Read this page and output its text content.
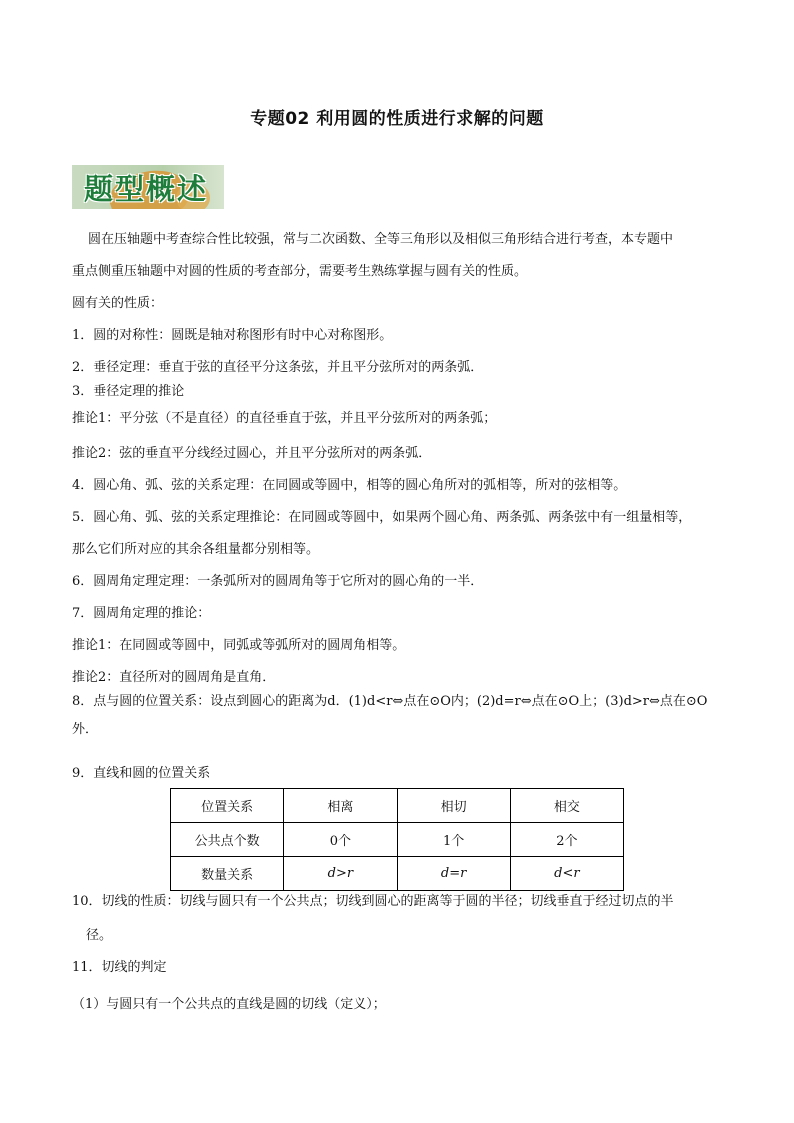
专题02 利用圆的性质进行求解的问题
题型概述
圆在压轴题中考查综合性比较强，常与二次函数、全等三角形以及相似三角形结合进行考查，本专题中
重点侧重压轴题中对圆的性质的考查部分，需要考生熟练掌握与圆有关的性质。
圆有关的性质：
1．圆的对称性：圆既是轴对称图形有时中心对称图形。
2．垂径定理：垂直于弦的直径平分这条弦，并且平分弦所对的两条弧．
3．垂径定理的推论
推论1：平分弦（不是直径）的直径垂直于弦，并且平分弦所对的两条弧；
推论2：弦的垂直平分线经过圆心，并且平分弦所对的两条弧．
4．圆心角、弧、弦的关系定理：在同圆或等圆中，相等的圆心角所对的弧相等，所对的弦相等。
5．圆心角、弧、弦的关系定理推论：在同圆或等圆中，如果两个圆心角、两条弧、两条弦中有一组量相等，
那么它们所对应的其余各组量都分别相等。
6．圆周角定理定理：一条弧所对的圆周角等于它所对的圆心角的一半．
7．圆周角定理的推论：
推论1：在同圆或等圆中，同弧或等弧所对的圆周角相等。
推论2：直径所对的圆周角是直角．
8．点与圆的位置关系：设点到圆心的距离为d．(1)d<r⇔点在⊙O内；(2)d=r⇔点在⊙O上；(3)d>r⇔点在⊙O
外．
9．直线和圆的位置关系
位置关系	相离	相切	相交
公共点个数	0个	1个	2个
数量关系	d>r	d=r	d<r
10．切线的性质：切线与圆只有一个公共点；切线到圆心的距离等于圆的半径；切线垂直于经过切点的半
径。
11．切线的判定
（1）与圆只有一个公共点的直线是圆的切线（定义）；
